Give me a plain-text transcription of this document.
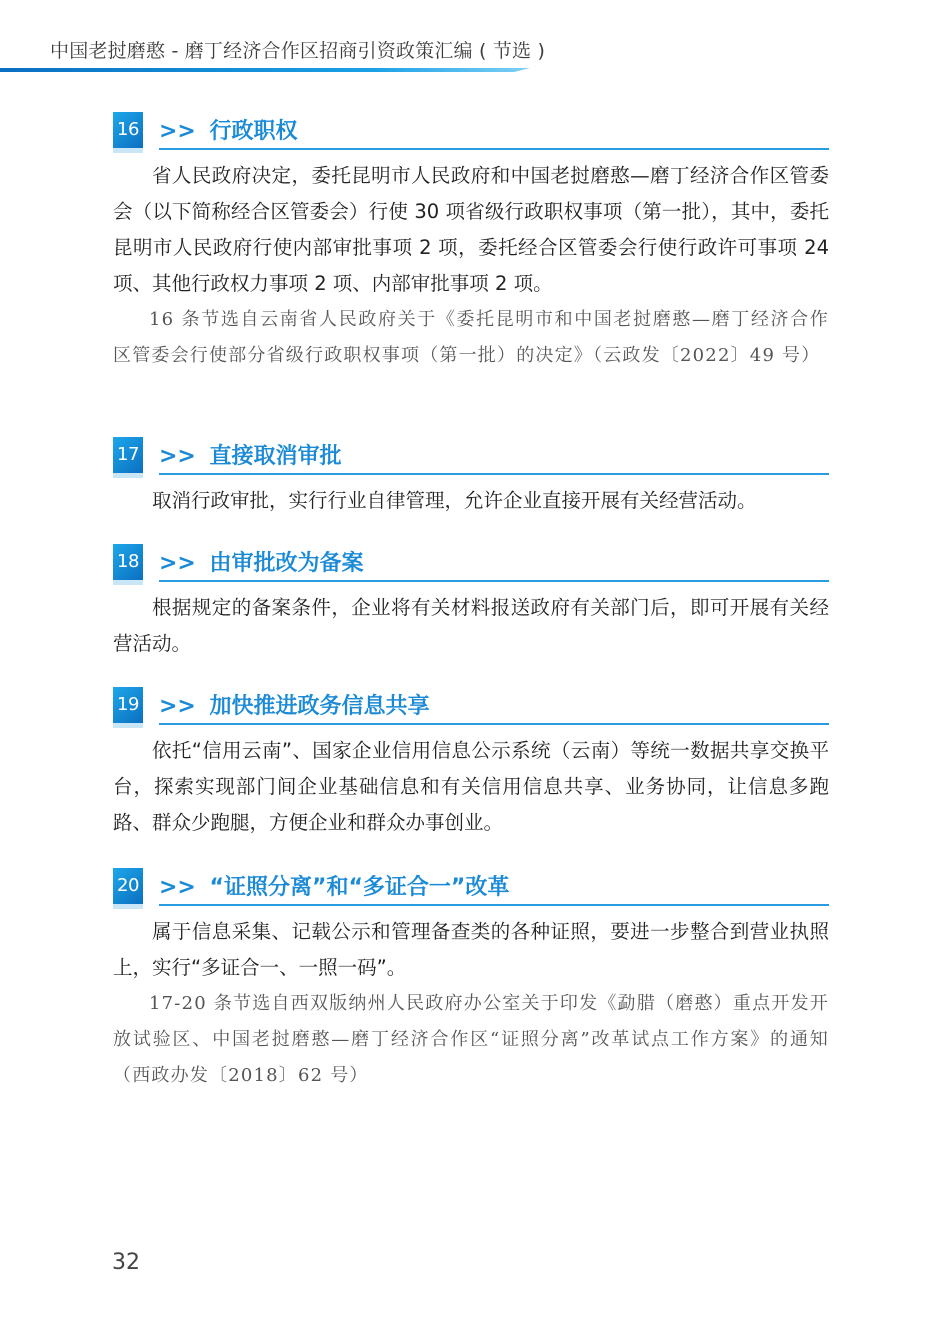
中国老挝磨憨 - 磨丁经济合作区招商引资政策汇编 ( 节选 )
16 >> 行政职权

省人民政府决定，委托昆明市人民政府和中国老挝磨憨—磨丁经济合作区管委会（以下简称经合区管委会）行使 30 项省级行政职权事项（第一批），其中，委托昆明市人民政府行使内部审批事项 2 项，委托经合区管委会行使行政许可事项 24 项、其他行政权力事项 2 项、内部审批事项 2 项。

16 条节选自云南省人民政府关于《委托昆明市和中国老挝磨憨—磨丁经济合作区管委会行使部分省级行政职权事项（第一批）的决定》（云政发〔2022〕49 号）

17 >> 直接取消审批

取消行政审批，实行行业自律管理，允许企业直接开展有关经营活动。

18 >> 由审批改为备案

根据规定的备案条件，企业将有关材料报送政府有关部门后，即可开展有关经营活动。

19 >> 加快推进政务信息共享

依托“信用云南”、国家企业信用信息公示系统（云南）等统一数据共享交换平台，探索实现部门间企业基础信息和有关信用信息共享、业务协同，让信息多跑路、群众少跑腿，方便企业和群众办事创业。

20 >> “证照分离”和“多证合一”改革

属于信息采集、记载公示和管理备查类的各种证照，要进一步整合到营业执照上，实行“多证合一、一照一码”。

17-20 条节选自西双版纳州人民政府办公室关于印发《勐腊（磨憨）重点开发开放试验区、中国老挝磨憨—磨丁经济合作区“证照分离”改革试点工作方案》的通知（西政办发〔2018〕62 号）

32
